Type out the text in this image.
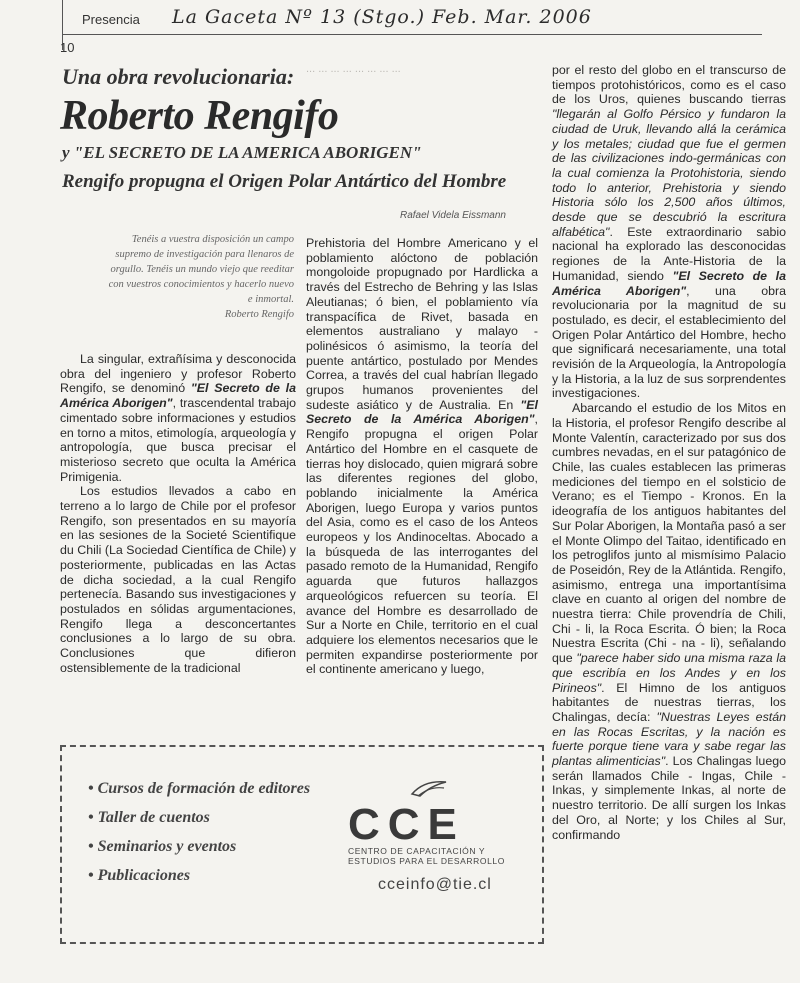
Presencia La Gaceta Nº 13 (Stgo.) Feb. Mar. 2006
10
Una obra revolucionaria:
Roberto Rengifo
y "EL SECRETO DE LA AMERICA ABORIGEN"
Rengifo propugna el Origen Polar Antártico del Hombre
Rafael Videla Eissmann
... ... ... ... ... ... ... ...
Tenéis a vuestra disposición un campo supremo de investigación para llenaros de orgullo. Tenéis un mundo viejo que reeditar con vuestros conocimientos y hacerlo nuevo e inmortal.
Roberto Rengifo

La singular, extrañísima y desconocida obra del ingeniero y profesor Roberto Rengifo, se denominó "El Secreto de la América Aborigen", trascendental trabajo cimentado sobre informaciones y estudios en torno a mitos, etimología, arqueología y antropología, que busca precisar el misterioso secreto que oculta la América Primigenia.

Los estudios llevados a cabo en terreno a lo largo de Chile por el profesor Rengifo, son presentados en su mayoría en las sesiones de la Societé Scientifique du Chili (La Sociedad Científica de Chile) y posteriormente, publicadas en las Actas de dicha sociedad, a la cual Rengifo pertenecía. Basando sus investigaciones y postulados en sólidas argumentaciones, Rengifo llega a desconcertantes conclusiones a lo largo de su obra. Conclusiones que difieron ostensiblemente de la tradicional

Prehistoria del Hombre Americano y el poblamiento alóctono de población mongoloide propugnado por Hardlicka a través del Estrecho de Behring y las Islas Aleutianas; ó bien, el poblamiento vía transpacífica de Rivet, basada en elementos australiano y malayo - polinésicos ó asimismo, la teoría del puente antártico, postulado por Mendes Correa, a través del cual habrían llegado grupos humanos provenientes del sudeste asiático y de Australia. En "El Secreto de la América Aborigen", Rengifo propugna el origen Polar Antártico del Hombre en el casquete de tierras hoy dislocado, quien migrará sobre las diferentes regiones del globo, poblando inicialmente la América Aborigen, luego Europa y varios puntos del Asia, como es el caso de los Anteos europeos y los Andinoceltas. Abocado a la búsqueda de las interrogantes del pasado remoto de la Humanidad, Rengifo aguarda que futuros hallazgos arqueológicos refuercen su teoría. El avance del Hombre es desarrollado de Sur a Norte en Chile, territorio en el cual adquiere los elementos necesarios que le permiten expandirse posteriormente por el continente americano y luego,

por el resto del globo en el transcurso de tiempos protohistóricos, como es el caso de los Uros, quienes buscando tierras "llegarán al Golfo Pérsico y fundaron la ciudad de Uruk, llevando allá la cerámica y los metales; ciudad que fue el germen de las civilizaciones indo-germánicas con la cual comienza la Protohistoria, siendo todo lo anterior, Prehistoria y siendo Historia sólo los 2,500 años últimos, desde que se descubrió la escritura alfabética". Este extraordinario sabio nacional ha explorado las desconocidas regiones de la Ante-Historia de la Humanidad, siendo "El Secreto de la América Aborigen", una obra revolucionaria por la magnitud de su postulado, es decir, el establecimiento del Origen Polar Antártico del Hombre, hecho que significará necesariamente, una total revisión de la Arqueología, la Antropología y la Historia, a la luz de sus sorprendentes investigaciones.

Abarcando el estudio de los Mitos en la Historia, el profesor Rengifo describe al Monte Valentín, caracterizado por sus dos cumbres nevadas, en el sur patagónico de Chile, las cuales establecen las primeras mediciones del tiempo en el solsticio de Verano; es el Tiempo - Kronos. En la ideografía de los antiguos habitantes del Sur Polar Aborigen, la Montaña pasó a ser el Monte Olimpo del Taitao, identificado en los petroglifos junto al mismísimo Palacio de Poseidón, Rey de la Atlántida. Rengifo, asimismo, entrega una importantísima clave en cuanto al origen del nombre de nuestra tierra: Chile provendría de Chili, Chi - li, la Roca Escrita. Ó bien; la Roca Nuestra Escrita (Chi - na - li), señalando que "parece haber sido una misma raza la que escribía en los Andes y en los Pirineos". El Himno de los antiguos habitantes de nuestras tierras, los Chalingas, decía: "Nuestras Leyes están en las Rocas Escritas, y la nación es fuerte porque tiene vara y sabe regar las plantas alimenticias". Los Chalingas luego serán llamados Chile - Ingas, Chile - Inkas, y simplemente Inkas, al norte de nuestro territorio. De allí surgen los Inkas del Oro, al Norte; y los Chiles al Sur, confirmando

• Cursos de formación de editores
• Taller de cuentos
• Seminarios y eventos
• Publicaciones
CCE
CENTRO DE CAPACITACIÓN Y ESTUDIOS PARA EL DESARROLLO
cceinfo@tie.cl
